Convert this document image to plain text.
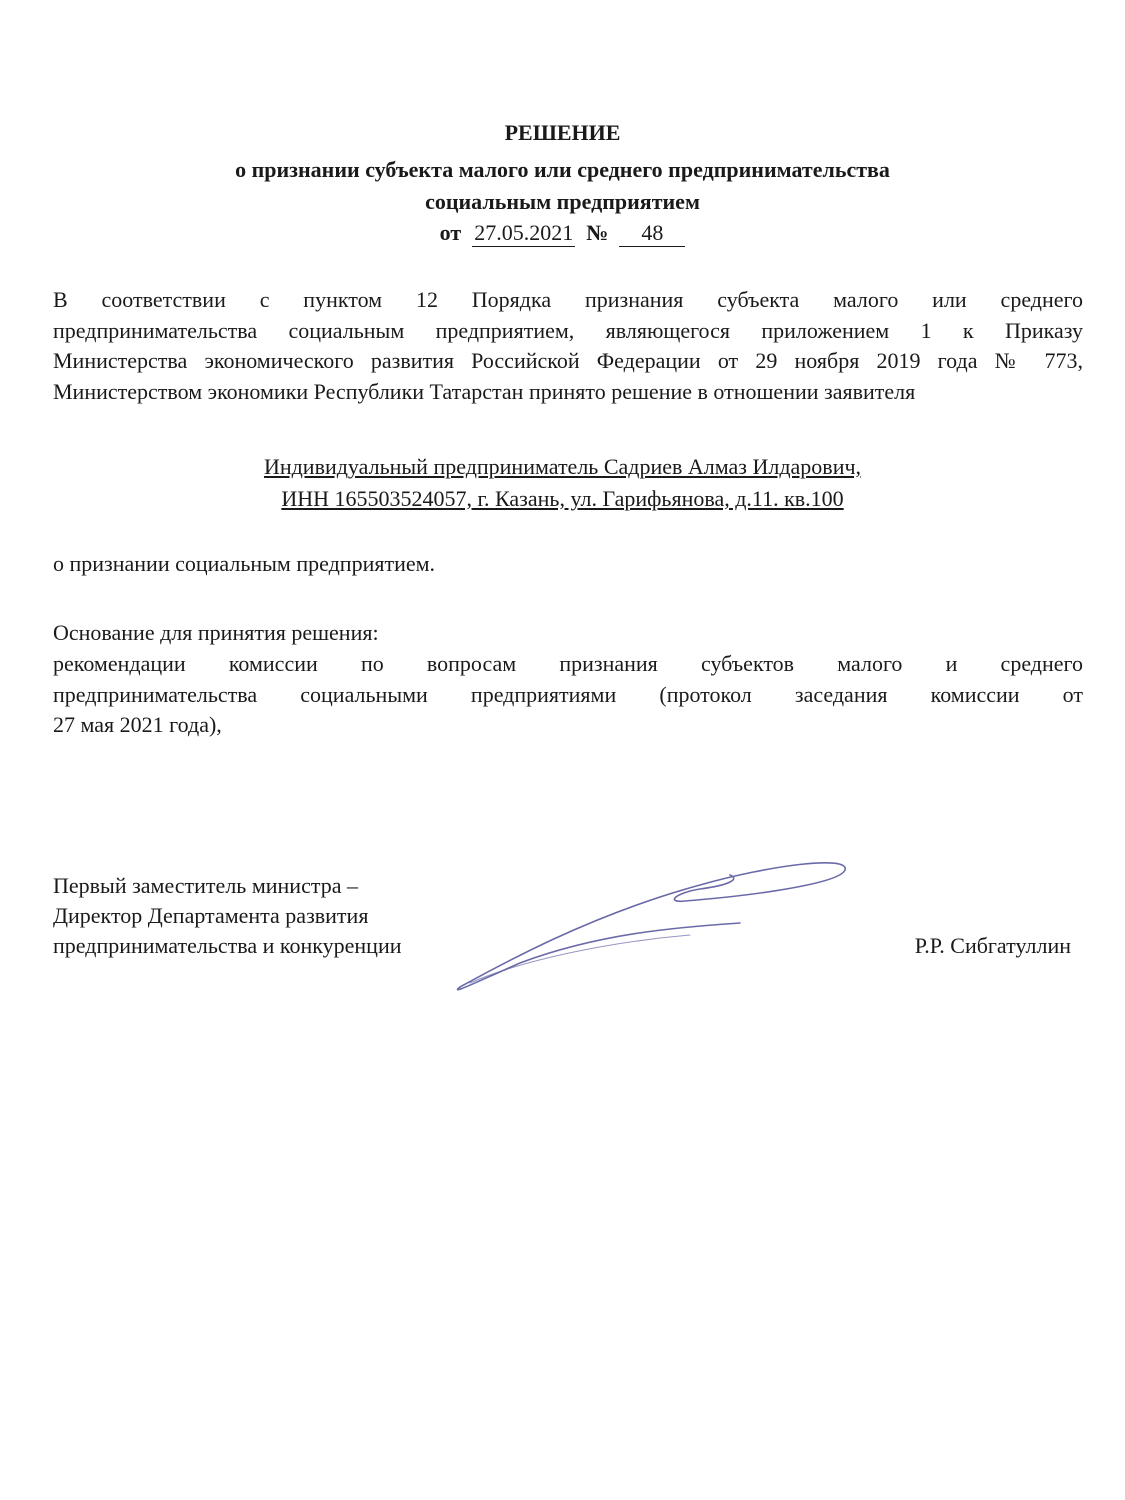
РЕШЕНИЕ
о признании субъекта малого или среднего предпринимательства
социальным предприятием
от 27.05.2021 № 48
В соответствии с пунктом 12 Порядка признания субъекта малого или среднего
предпринимательства социальным предприятием, являющегося приложением 1 к Приказу
Министерства экономического развития Российской Федерации от 29 ноября 2019 года № 773,
Министерством экономики Республики Татарстан принято решение в отношении заявителя
Индивидуальный предприниматель Садриев Алмаз Илдарович,
ИНН 165503524057, г. Казань, ул. Гарифьянова, д.11. кв.100
о признании социальным предприятием.
Основание для принятия решения:
рекомендации комиссии по вопросам признания субъектов малого и среднего
предпринимательства социальными предприятиями (протокол заседания комиссии от
27 мая 2021 года),
Первый заместитель министра –
Директор Департамента развития
предпринимательства и конкуренции	Р.Р. Сибгатуллин
